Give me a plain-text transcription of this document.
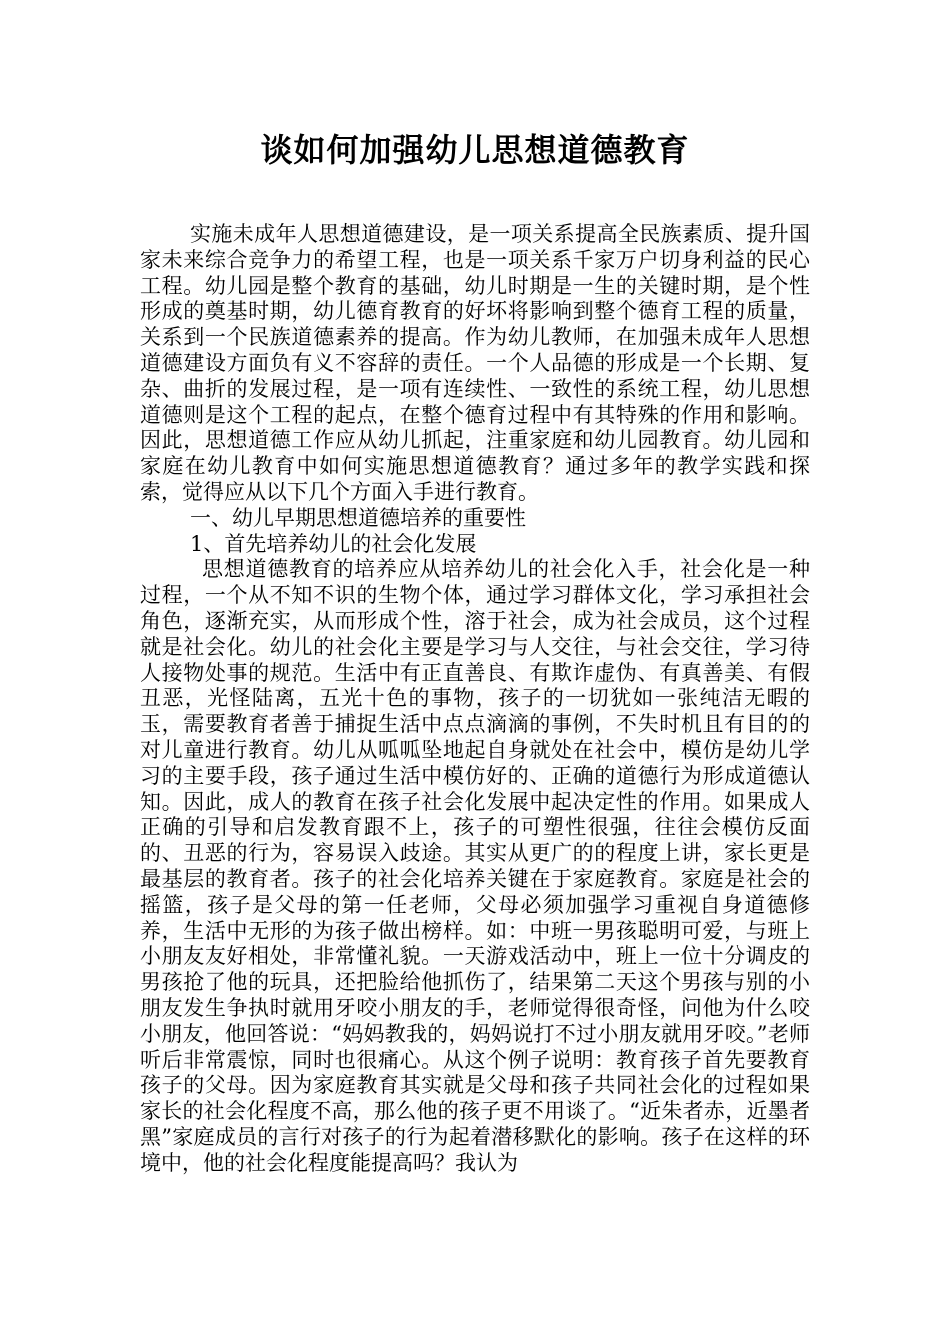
谈如何加强幼儿思想道德教育

实施未成年人思想道德建设，是一项关系提高全民族素质、提升国家未来综合竞争力的希望工程，也是一项关系千家万户切身利益的民心工程。幼儿园是整个教育的基础，幼儿时期是一生的关键时期，是个性形成的奠基时期，幼儿德育教育的好坏将影响到整个德育工程的质量，关系到一个民族道德素养的提高。作为幼儿教师，在加强未成年人思想道德建设方面负有义不容辞的责任。一个人品德的形成是一个长期、复杂、曲折的发展过程，是一项有连续性、一致性的系统工程，幼儿思想道德则是这个工程的起点，在整个德育过程中有其特殊的作用和影响。因此，思想道德工作应从幼儿抓起，注重家庭和幼儿园教育。幼儿园和家庭在幼儿教育中如何实施思想道德教育？通过多年的教学实践和探索，觉得应从以下几个方面入手进行教育。

一、幼儿早期思想道德培养的重要性

1、首先培养幼儿的社会化发展

思想道德教育的培养应从培养幼儿的社会化入手，社会化是一种过程，一个从不知不识的生物个体，通过学习群体文化，学习承担社会角色，逐渐充实，从而形成个性，溶于社会，成为社会成员，这个过程就是社会化。幼儿的社会化主要是学习与人交往，与社会交往，学习待人接物处事的规范。生活中有正直善良、有欺诈虚伪、有真善美、有假丑恶，光怪陆离，五光十色的事物，孩子的一切犹如一张纯洁无暇的玉，需要教育者善于捕捉生活中点点滴滴的事例，不失时机且有目的的对儿童进行教育。幼儿从呱呱坠地起自身就处在社会中，模仿是幼儿学习的主要手段，孩子通过生活中模仿好的、正确的道德行为形成道德认知。因此，成人的教育在孩子社会化发展中起决定性的作用。如果成人正确的引导和启发教育跟不上，孩子的可塑性很强，往往会模仿反面的、丑恶的行为，容易误入歧途。其实从更广的的程度上讲，家长更是最基层的教育者。孩子的社会化培养关键在于家庭教育。家庭是社会的摇篮，孩子是父母的第一任老师，父母必须加强学习重视自身道德修养，生活中无形的为孩子做出榜样。如：中班一男孩聪明可爱，与班上小朋友友好相处，非常懂礼貌。一天游戏活动中，班上一位十分调皮的男孩抢了他的玩具，还把脸给他抓伤了，结果第二天这个男孩与别的小朋友发生争执时就用牙咬小朋友的手，老师觉得很奇怪，问他为什么咬小朋友，他回答说：“妈妈教我的，妈妈说打不过小朋友就用牙咬。”老师听后非常震惊，同时也很痛心。从这个例子说明：教育孩子首先要教育孩子的父母。因为家庭教育其实就是父母和孩子共同社会化的过程如果家长的社会化程度不高，那么他的孩子更不用谈了。“近朱者赤，近墨者黑”家庭成员的言行对孩子的行为起着潜移默化的影响。孩子在这样的环境中，他的社会化程度能提高吗？我认为
